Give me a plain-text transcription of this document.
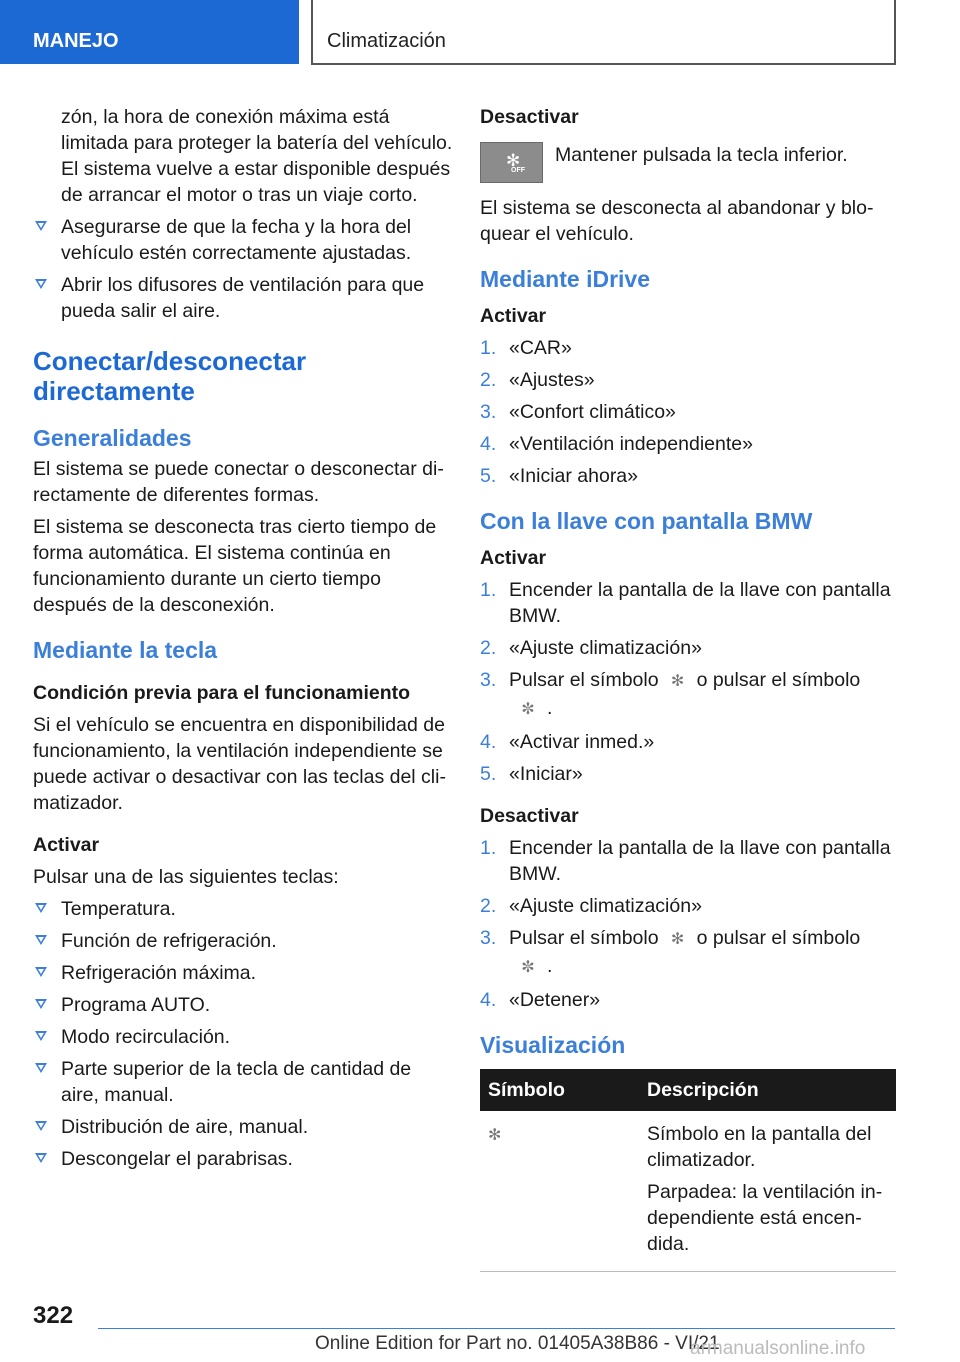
MANEJO	Climatización

zón, la hora de conexión máxima está limitada para proteger la batería del vehículo. El sistema vuelve a estar disponible después de arrancar el motor o tras un viaje corto.

Asegurarse de que la fecha y la hora del vehículo estén correctamente ajustadas.
Abrir los difusores de ventilación para que pueda salir el aire.
Conectar/desconectar directamente
Generalidades

El sistema se puede conectar o desconectar directamente de diferentes formas.

El sistema se desconecta tras cierto tiempo de forma automática. El sistema continúa en funcionamiento durante un cierto tiempo después de la desconexión.

Mediante la tecla
Condición previa para el funcionamiento

Si el vehículo se encuentra en disponibilidad de funcionamiento, la ventilación independiente se puede activar o desactivar con las teclas del climatizador.

Activar

Pulsar una de las siguientes teclas:

Temperatura.
Función de refrigeración.
Refrigeración máxima.
Programa AUTO.
Modo recirculación.
Parte superior de la tecla de cantidad de aire, manual.
Distribución de aire, manual.
Descongelar el parabrisas.
Desactivar
✻
OFF
Mantener pulsada la tecla inferior.

El sistema se desconecta al abandonar y bloquear el vehículo.

Mediante iDrive
Activar
1. «CAR»
2. «Ajustes»
3. «Confort climático»
4. «Ventilación independiente»
5. «Iniciar ahora»
Con la llave con pantalla BMW
Activar
1. Encender la pantalla de la llave con pantalla BMW.
2. «Ajuste climatización»
3. Pulsar el símbolo ✻ o pulsar el símbolo✼ .
4. «Activar inmed.»
5. «Iniciar»
Desactivar
1. Encender la pantalla de la llave con pantalla BMW.
2. «Ajuste climatización»
3. Pulsar el símbolo ✻ o pulsar el símbolo✼ .
4. «Detener»
Visualización
Símbolo	Descripción
✻	Símbolo en la pantalla del climatizador.

Parpadea: la ventilación independiente está encendida.

322
Online Edition for Part no. 01405A38B86 - VI/21
armanualsonline.info
